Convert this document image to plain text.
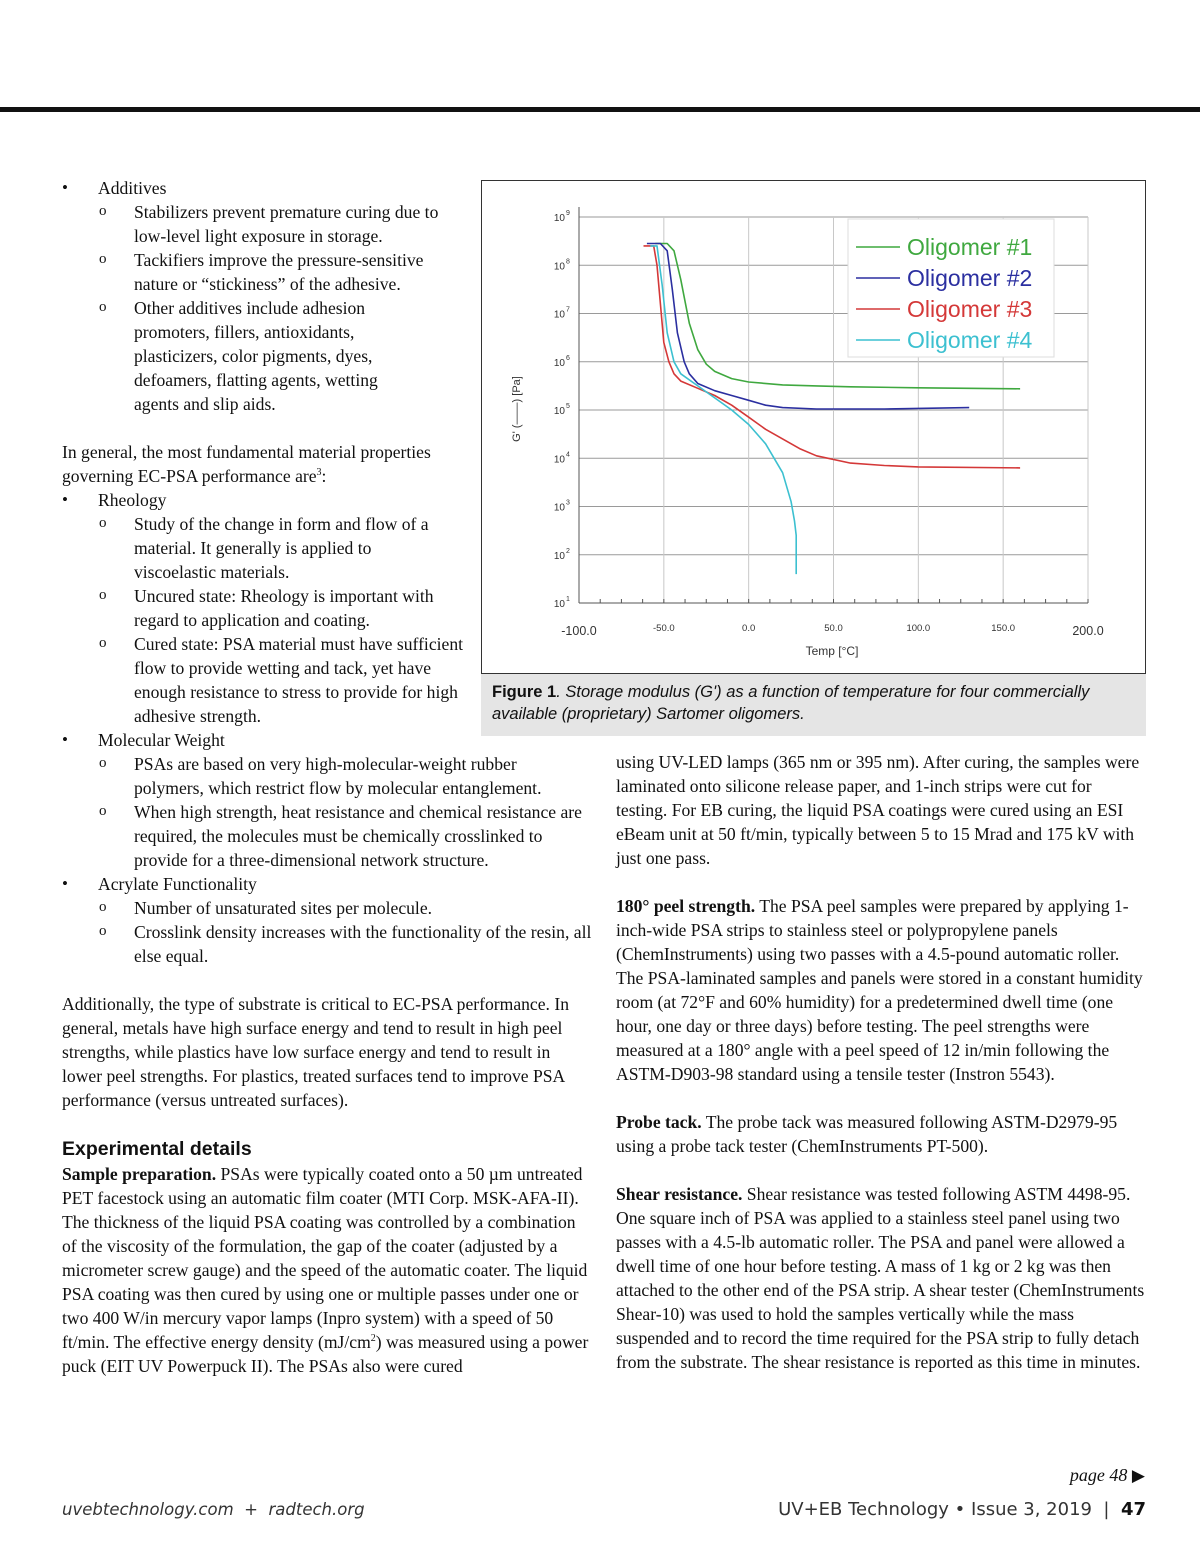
• Additives
o Stabilizers prevent premature curing due to low-level light exposure in storage.
o Tackifiers improve the pressure-sensitive nature or “stickiness” of the adhesive.
o Other additives include adhesion promoters, fillers, antioxidants, plasticizers, color pigments, dyes, defoamers, flatting agents, wetting agents and slip aids.
In general, the most fundamental material properties governing EC-PSA performance are$^3$:
• Rheology
o Study of the change in form and flow of a material. It generally is applied to viscoelastic materials.
o Uncured state: Rheology is important with regard to application and coating.
o Cured state: PSA material must have sufficient flow to provide wetting and tack, yet have enough resistance to stress to provide for high adhesive strength.
• Molecular Weight
o PSAs are based on very high-molecular-weight rubber polymers, which restrict flow by molecular entanglement.
o When high strength, heat resistance and chemical resistance are required, the molecules must be chemically crosslinked to provide for a three-dimensional network structure.
• Acrylate Functionality
o Number of unsaturated sites per molecule.
o Crosslink density increases with the functionality of the resin, all else equal.
Additionally, the type of substrate is critical to EC-PSA performance. In general, metals have high surface energy and tend to result in high peel strengths, while plastics have low surface energy and tend to result in lower peel strengths. For plastics, treated surfaces tend to improve PSA performance (versus untreated surfaces).
Experimental details
Sample preparation. PSAs were typically coated onto a 50 µm untreated PET facestock using an automatic film coater (MTI Corp. MSK-AFA-II). The thickness of the liquid PSA coating was controlled by a combination of the viscosity of the formulation, the gap of the coater (adjusted by a micrometer screw gauge) and the speed of the automatic coater. The liquid PSA coating was then cured by using one or multiple passes under one or two 400 W/in mercury vapor lamps (Inpro system) with a speed of 50 ft/min. The effective energy density $(mJ/cm^2)$ was measured using a power puck (EIT UV Powerpuck II). The PSAs also were cured
10 1
10 2
10 3
10 4
10 5
10 6
10 7
10 8
10 9
-100.0	-50.0	0.0	50.0	100.0	150.0	200.0
Oligomer #1
Oligomer #2
Oligomer #3
Oligomer #4
Temp [°C]
G' (——) [Pa]
Figure 1. Storage modulus (G') as a function of temperature for four commercially available (proprietary) Sartomer oligomers.
using UV-LED lamps (365 nm or 395 nm). After curing, the samples were laminated onto silicone release paper, and 1-inch strips were cut for testing. For EB curing, the liquid PSA coatings were cured using an ESI eBeam unit at 50 ft/min, typically between 5 to 15 Mrad and 175 kV with just one pass.
180° peel strength. The PSA peel samples were prepared by applying 1-inch-wide PSA strips to stainless steel or polypropylene panels (ChemInstruments) using two passes with a 4.5-pound automatic roller. The PSA-laminated samples and panels were stored in a constant humidity room (at 72°F and 60% humidity) for a predetermined dwell time (one hour, one day or three days) before testing. The peel strengths were measured at a 180° angle with a peel speed of 12 in/min following the ASTM-D903-98 standard using a tensile tester (Instron 5543).
Probe tack. The probe tack was measured following ASTM-D2979-95 using a probe tack tester (ChemInstruments PT-500).
Shear resistance. Shear resistance was tested following ASTM 4498-95. One square inch of PSA was applied to a stainless steel panel using two passes with a 4.5-lb automatic roller. The PSA and panel were allowed a dwell time of one hour before testing. A mass of 1 kg or 2 kg was then attached to the other end of the PSA strip. A shear tester (ChemInstruments Shear-10) was used to hold the samples vertically while the mass suspended and to record the time required for the PSA strip to fully detach from the substrate. The shear resistance is reported as this time in minutes.
page 48 ▶
uvebtechnology.com  +  radtech.org	UV+EB Technology • Issue 3, 2019  |  47
